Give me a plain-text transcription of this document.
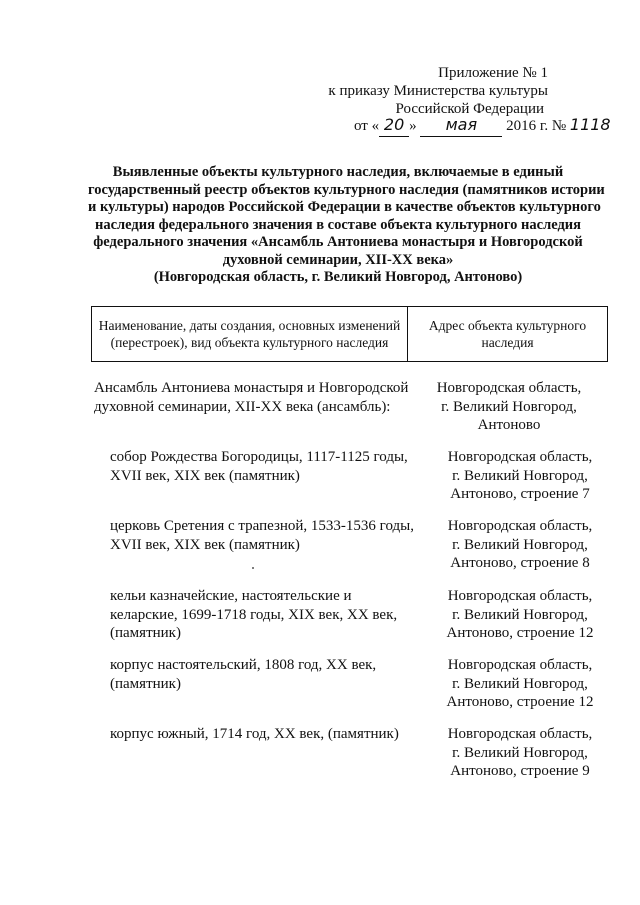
Приложение № 1
к приказу Министерства культуры
Российской Федерации
от « 20 » мая 2016 г. № 1118
Выявленные объекты культурного наследия, включаемые в единый
государственный реестр объектов культурного наследия (памятников истории
и культуры) народов Российской Федерации в качестве объектов культурного
наследия федерального значения в составе объекта культурного наследия
федерального значения «Ансамбль Антониева монастыря и Новгородской
духовной семинарии, XII-XX века»
(Новгородская область, г. Великий Новгород, Антоново)
Наименование, даты создания, основных изменений (перестроек), вид объекта культурного наследия
Адрес объекта культурного наследия
Ансамбль Антониева монастыря и Новгородской
духовной семинарии, XII-XX века (ансамбль):
Новгородская область,
г. Великий Новгород,
Антоново
собор Рождества Богородицы, 1117-1125 годы,
XVII век, XIX век (памятник)
Новгородская область,
г. Великий Новгород,
Антоново, строение 7
церковь Сретения с трапезной, 1533-1536 годы,
XVII век, XIX век (памятник)
Новгородская область,
г. Великий Новгород,
Антоново, строение 8
кельи казначейские, настоятельские и
келарские, 1699-1718 годы, XIX век, XX век,
(памятник)
Новгородская область,
г. Великий Новгород,
Антоново, строение 12
корпус настоятельский, 1808 год, XX век,
(памятник)
Новгородская область,
г. Великий Новгород,
Антоново, строение 12
корпус южный, 1714 год, XX век, (памятник)	Новгородская область,
г. Великий Новгород,
Антоново, строение 9
